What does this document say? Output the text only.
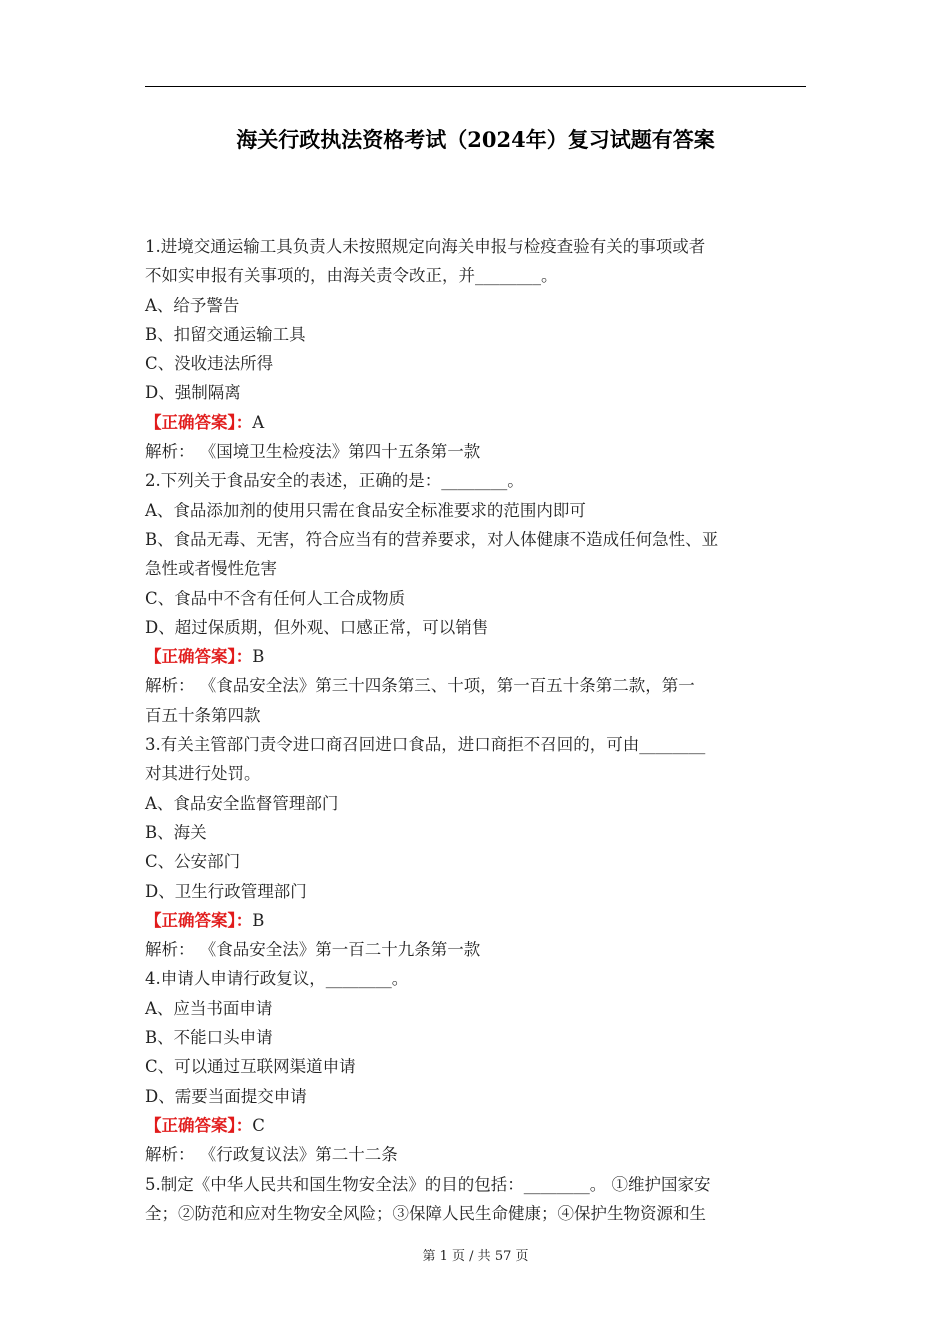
海关行政执法资格考试（2024年）复习试题有答案
1.进境交通运输工具负责人未按照规定向海关申报与检疫查验有关的事项或者
不如实申报有关事项的，由海关责令改正，并________。
A、给予警告
B、扣留交通运输工具
C、没收违法所得
D、强制隔离
【正确答案】：A
解析： 《国境卫生检疫法》第四十五条第一款
2.下列关于食品安全的表述，正确的是：________。
A、食品添加剂的使用只需在食品安全标准要求的范围内即可
B、食品无毒、无害，符合应当有的营养要求，对人体健康不造成任何急性、亚
急性或者慢性危害
C、食品中不含有任何人工合成物质
D、超过保质期，但外观、口感正常，可以销售
【正确答案】：B
解析： 《食品安全法》第三十四条第三、十项，第一百五十条第二款，第一
百五十条第四款
3.有关主管部门责令进口商召回进口食品，进口商拒不召回的，可由________
对其进行处罚。
A、食品安全监督管理部门
B、海关
C、公安部门
D、卫生行政管理部门
【正确答案】：B
解析： 《食品安全法》第一百二十九条第一款
4.申请人申请行政复议，________。
A、应当书面申请
B、不能口头申请
C、可以通过互联网渠道申请
D、需要当面提交申请
【正确答案】：C
解析： 《行政复议法》第二十二条
5.制定《中华人民共和国生物安全法》的目的包括：________。 ①维护国家安
全；②防范和应对生物安全风险；③保障人民生命健康；④保护生物资源和生
第 1 页 / 共 57 页
